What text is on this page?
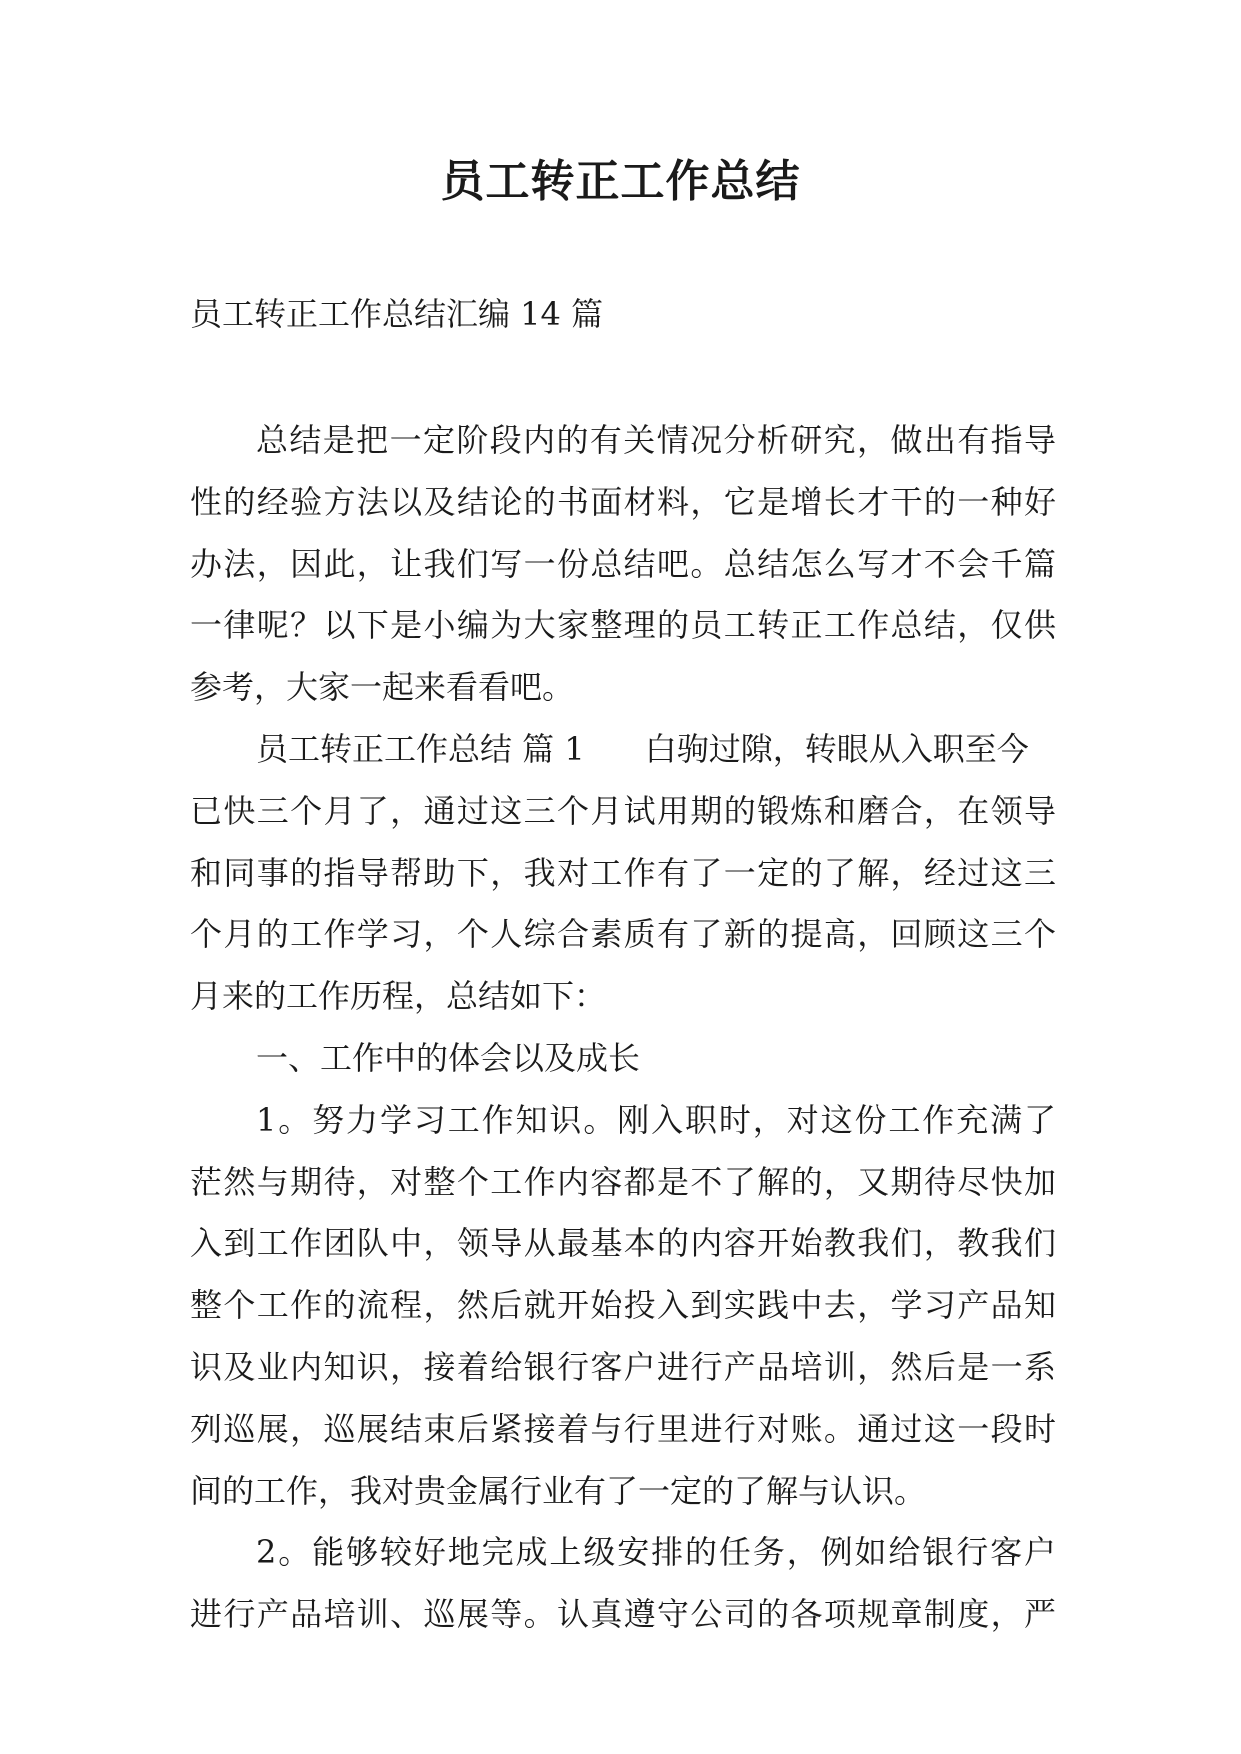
员工转正工作总结
员工转正工作总结汇编 14 篇
总结是把一定阶段内的有关情况分析研究，做出有指导
性的经验方法以及结论的书面材料，它是增长才干的一种好
办法，因此，让我们写一份总结吧。总结怎么写才不会千篇
一律呢？以下是小编为大家整理的员工转正工作总结，仅供
参考，大家一起来看看吧。
员工转正工作总结 篇 1 白驹过隙，转眼从入职至今
已快三个月了，通过这三个月试用期的锻炼和磨合，在领导
和同事的指导帮助下，我对工作有了一定的了解，经过这三
个月的工作学习，个人综合素质有了新的提高，回顾这三个
月来的工作历程，总结如下：
一、工作中的体会以及成长
1。努力学习工作知识。刚入职时，对这份工作充满了
茫然与期待，对整个工作内容都是不了解的，又期待尽快加
入到工作团队中，领导从最基本的内容开始教我们，教我们
整个工作的流程，然后就开始投入到实践中去，学习产品知
识及业内知识，接着给银行客户进行产品培训，然后是一系
列巡展，巡展结束后紧接着与行里进行对账。通过这一段时
间的工作，我对贵金属行业有了一定的了解与认识。
2。能够较好地完成上级安排的任务，例如给银行客户
进行产品培训、巡展等。认真遵守公司的各项规章制度，严
